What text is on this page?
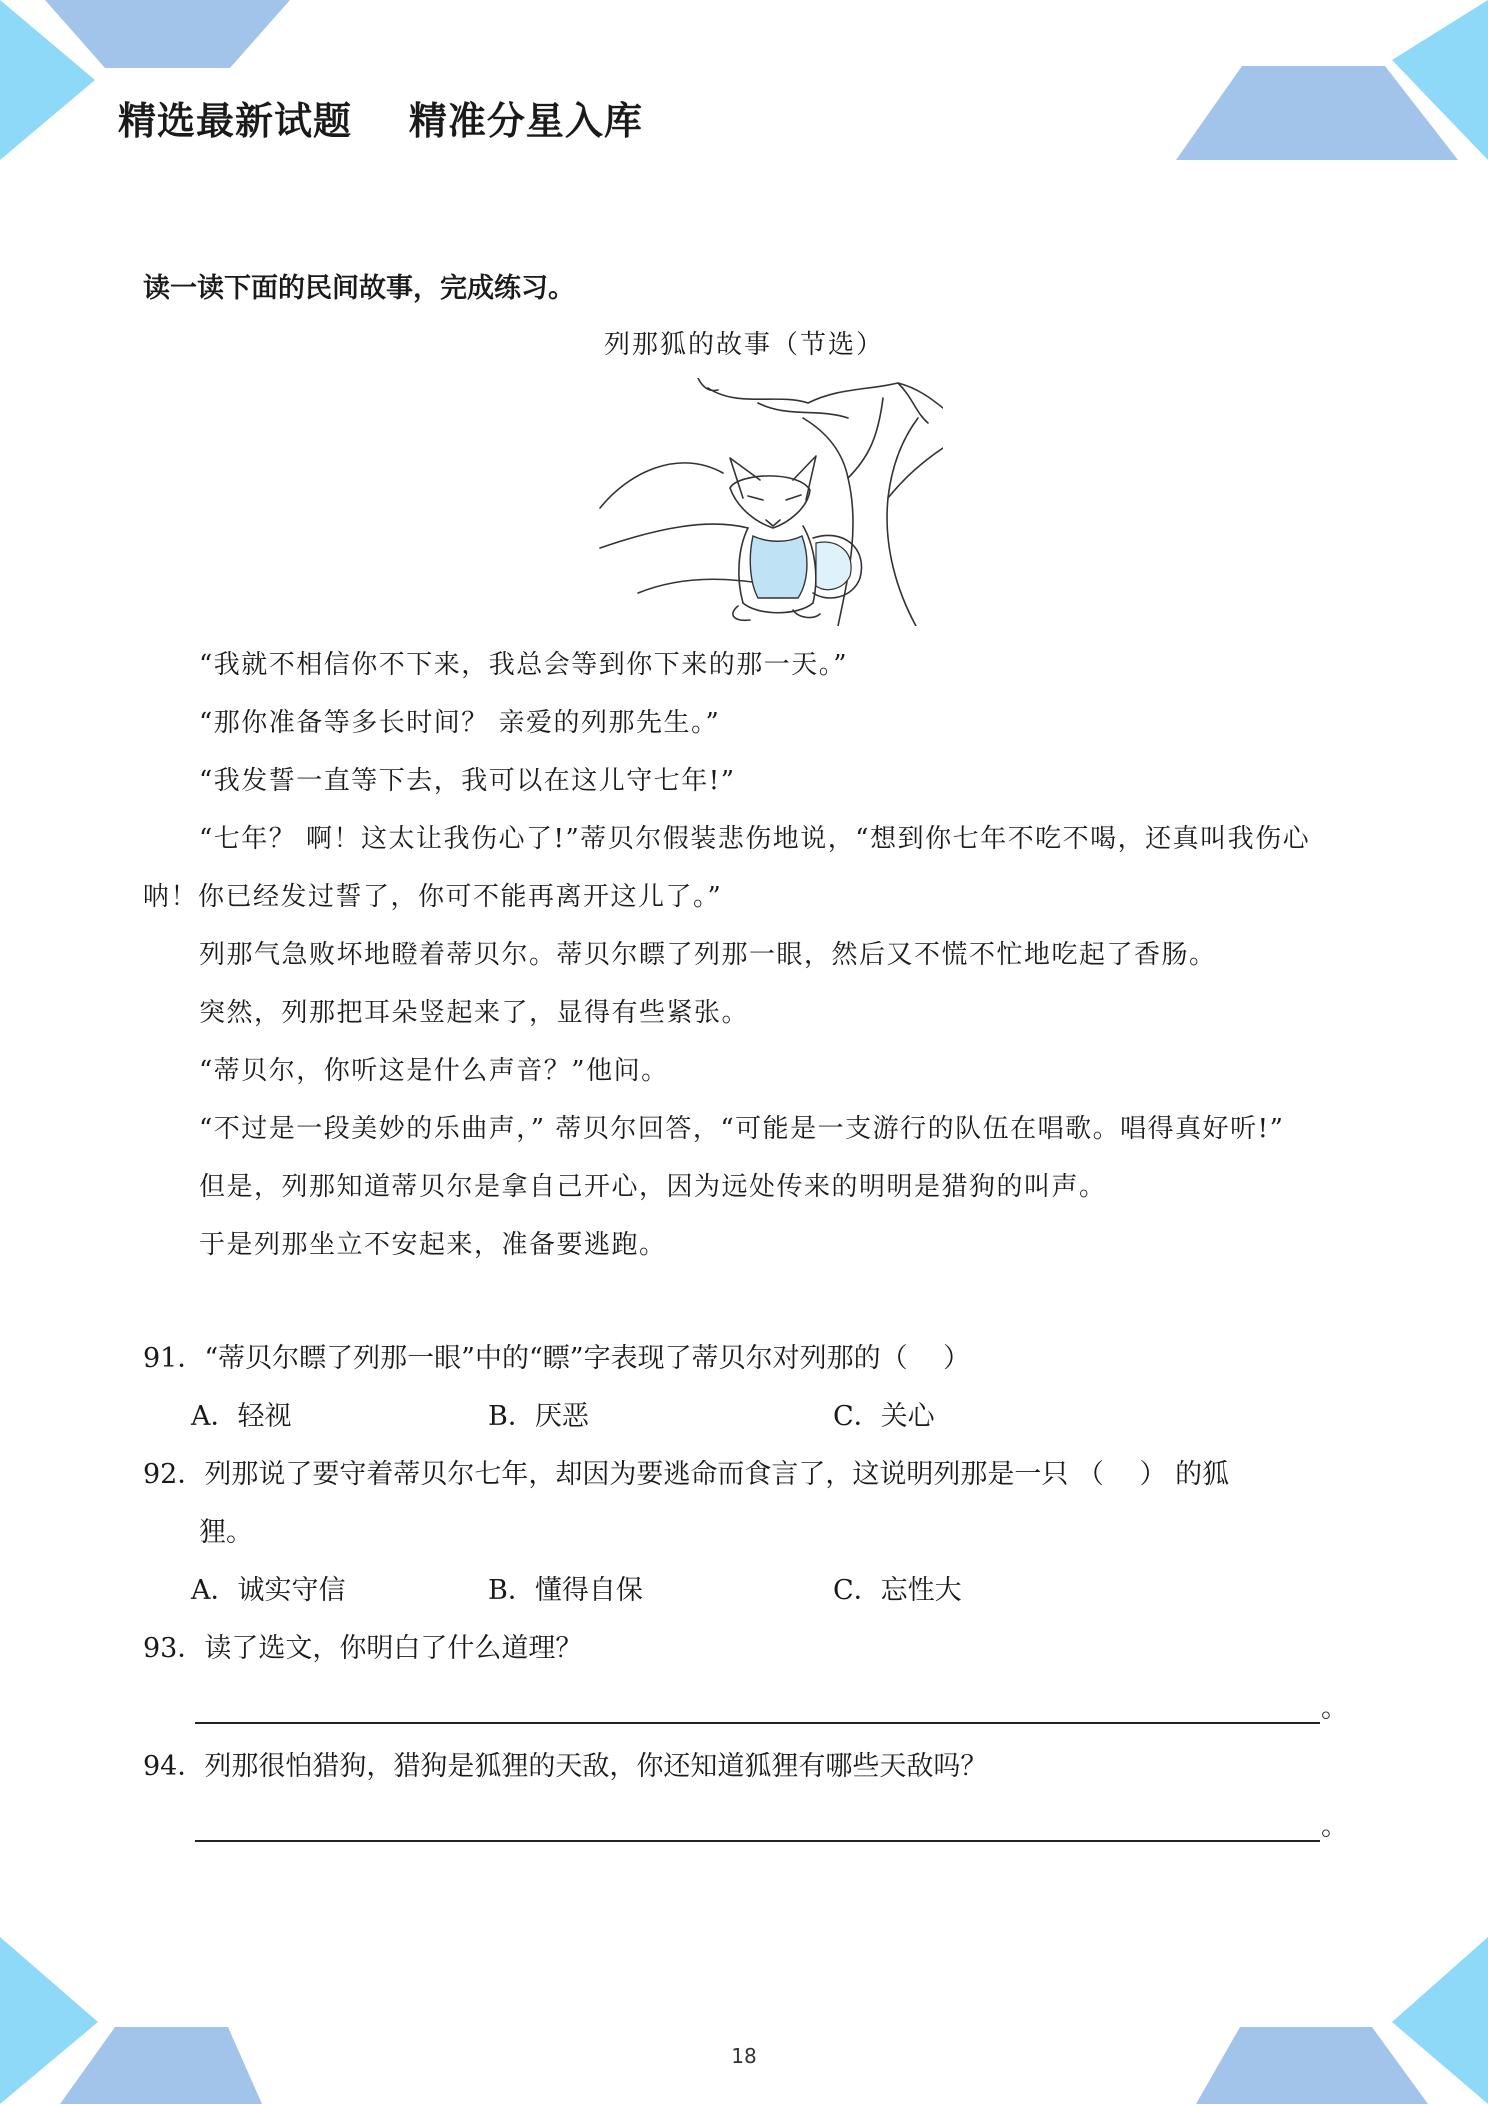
精选最新试题    精准分星入库
读一读下面的民间故事，完成练习。
列那狐的故事（节选）
“我就不相信你不下来，我总会等到你下来的那一天。”
“那你准备等多长时间？ 亲爱的列那先生。”
“我发誓一直等下去，我可以在这儿守七年!”
“七年？ 啊！这太让我伤心了!”蒂贝尔假装悲伤地说，“想到你七年不吃不喝，还真叫我伤心呐！你已经发过誓了，你可不能再离开这儿了。”
列那气急败坏地瞪着蒂贝尔。蒂贝尔瞟了列那一眼，然后又不慌不忙地吃起了香肠。
突然，列那把耳朵竖起来了，显得有些紧张。
“蒂贝尔，你听这是什么声音？”他问。
“不过是一段美妙的乐曲声，” 蒂贝尔回答，“可能是一支游行的队伍在唱歌。唱得真好听!”
但是，列那知道蒂贝尔是拿自己开心，因为远处传来的明明是猎狗的叫声。
于是列那坐立不安起来，准备要逃跑。
91．“蒂贝尔瞟了列那一眼”中的“瞟”字表现了蒂贝尔对列那的（　 ）
A．轻视	B．厌恶	C．关心
92．列那说了要守着蒂贝尔七年，却因为要逃命而食言了，这说明列那是一只 （　 ） 的狐
狸。
A．诚实守信	B．懂得自保	C．忘性大
93．读了选文，你明白了什么道理？
。
94．列那很怕猎狗，猎狗是狐狸的天敌，你还知道狐狸有哪些天敌吗？
。
18
